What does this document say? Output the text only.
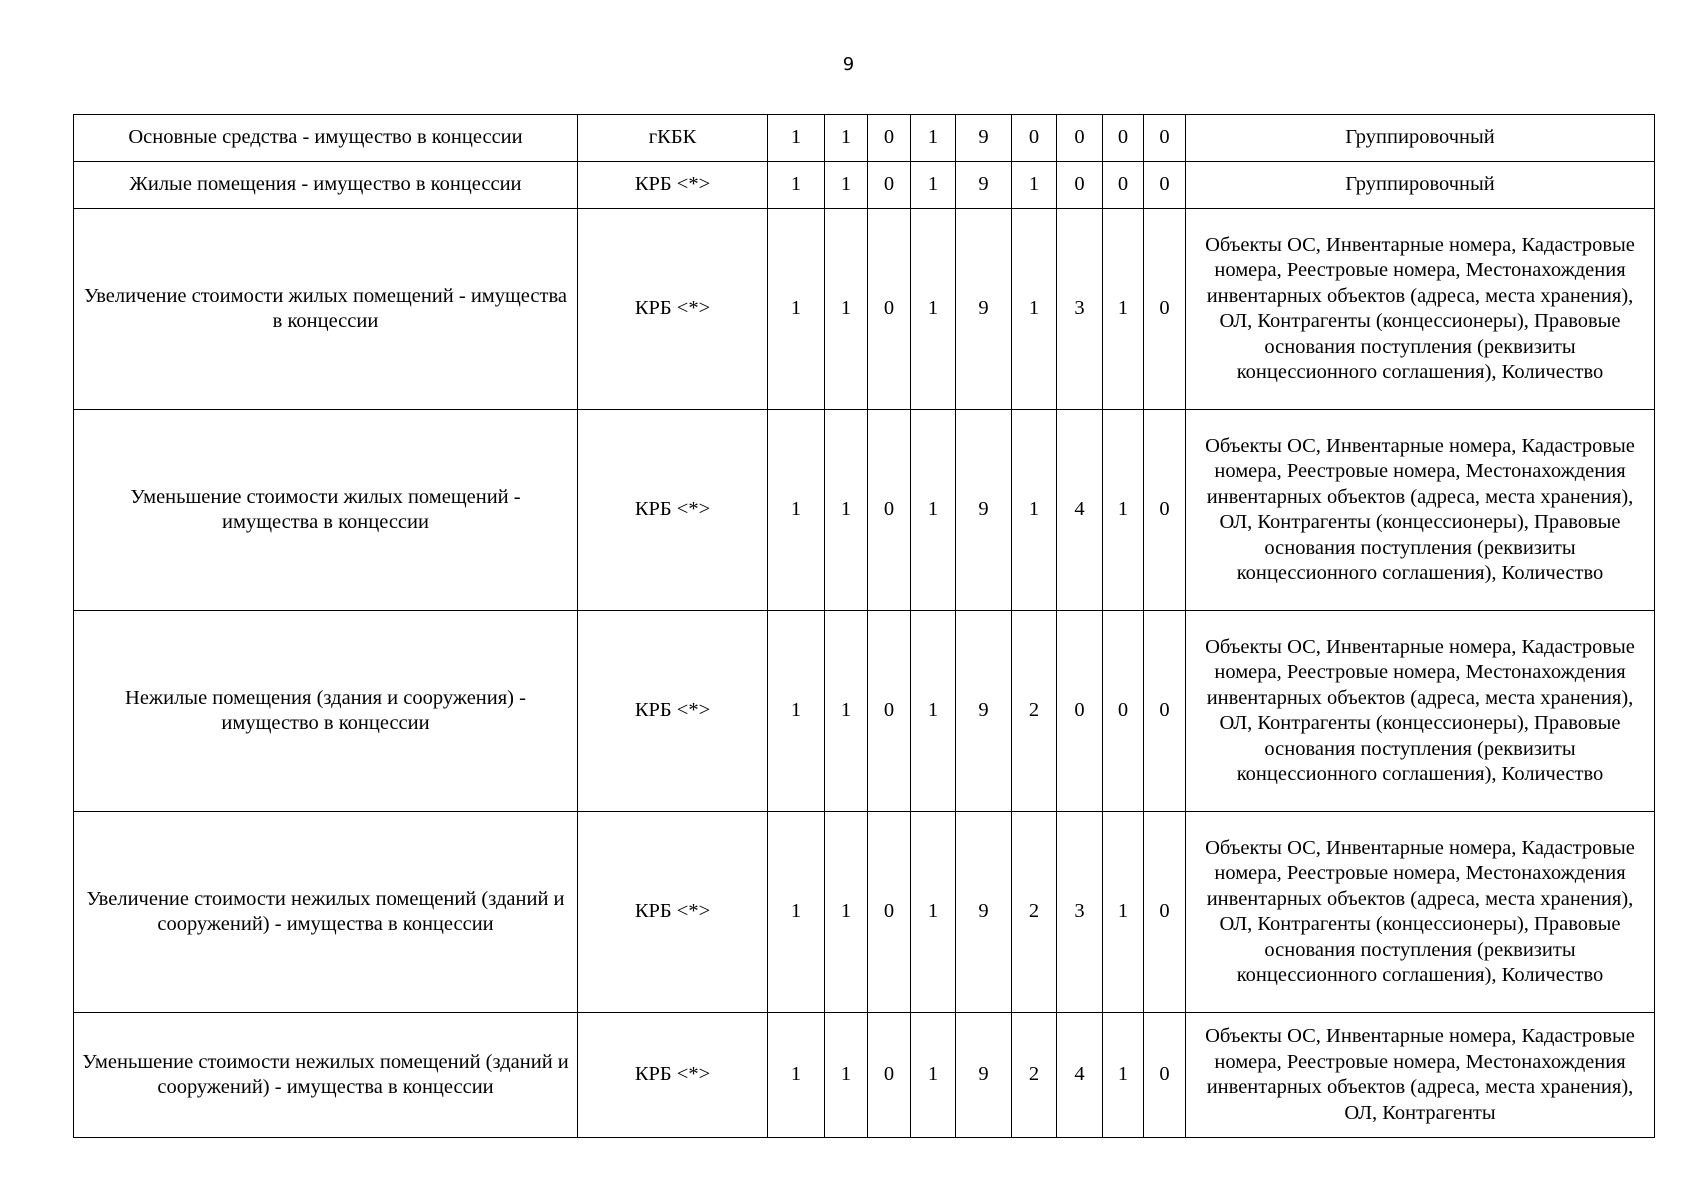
9
Основные средства - имущество в концессии	гКБК	1	1	0	1	9	0	0	0	0	Группировочный
Жилые помещения - имущество в концессии	КРБ <*>	1	1	0	1	9	1	0	0	0	Группировочный
Увеличение стоимости жилых помещений - имущества в концессии	КРБ <*>	1	1	0	1	9	1	3	1	0	Объекты ОС, Инвентарные номера, Кадастровые номера, Реестровые номера, Местонахождения инвентарных объектов (адреса, места хранения), ОЛ, Контрагенты (концессионеры), Правовые основания поступления (реквизиты концессионного соглашения), Количество
Уменьшение стоимости жилых помещений - имущества в концессии	КРБ <*>	1	1	0	1	9	1	4	1	0	Объекты ОС, Инвентарные номера, Кадастровые номера, Реестровые номера, Местонахождения инвентарных объектов (адреса, места хранения), ОЛ, Контрагенты (концессионеры), Правовые основания поступления (реквизиты концессионного соглашения), Количество
Нежилые помещения (здания и сооружения) - имущество в концессии	КРБ <*>	1	1	0	1	9	2	0	0	0	Объекты ОС, Инвентарные номера, Кадастровые номера, Реестровые номера, Местонахождения инвентарных объектов (адреса, места хранения), ОЛ, Контрагенты (концессионеры), Правовые основания поступления (реквизиты концессионного соглашения), Количество
Увеличение стоимости нежилых помещений (зданий и сооружений) - имущества в концессии	КРБ <*>	1	1	0	1	9	2	3	1	0	Объекты ОС, Инвентарные номера, Кадастровые номера, Реестровые номера, Местонахождения инвентарных объектов (адреса, места хранения), ОЛ, Контрагенты (концессионеры), Правовые основания поступления (реквизиты концессионного соглашения), Количество
Уменьшение стоимости нежилых помещений (зданий и сооружений) - имущества в концессии	КРБ <*>	1	1	0	1	9	2	4	1	0	Объекты ОС, Инвентарные номера, Кадастровые номера, Реестровые номера, Местонахождения инвентарных объектов (адреса, места хранения), ОЛ, Контрагенты
